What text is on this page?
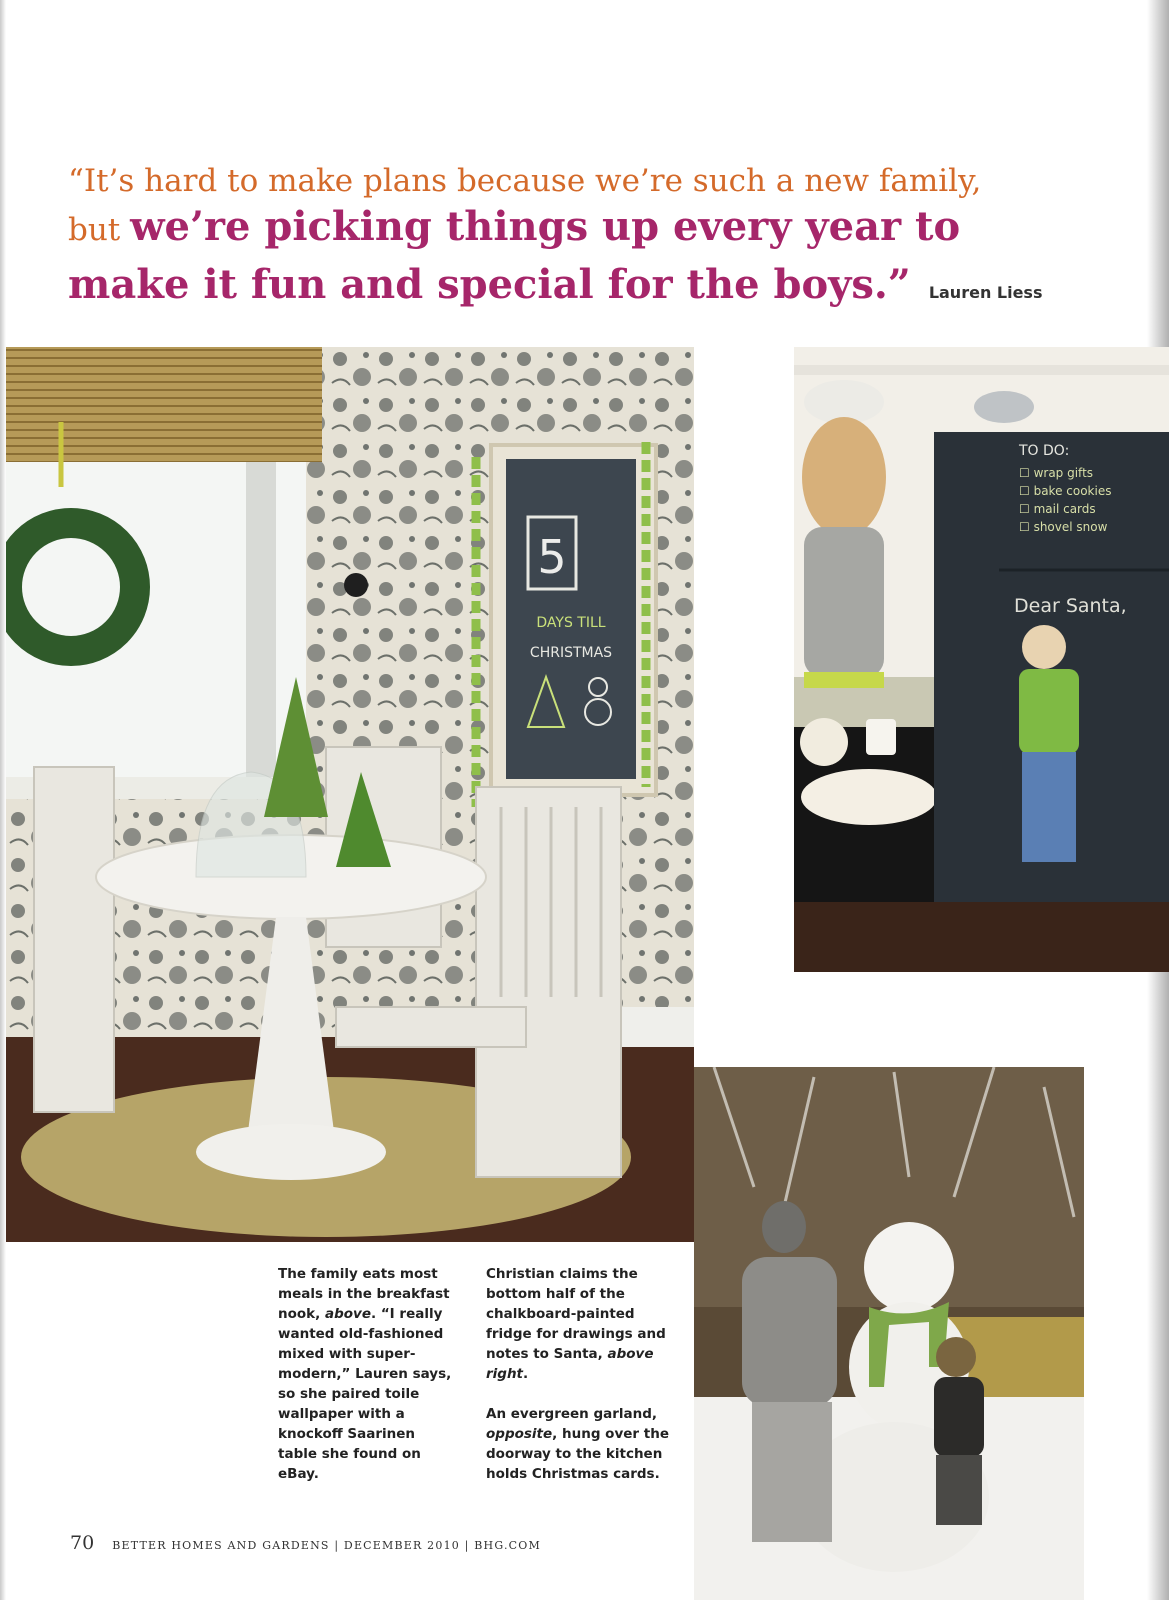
“It’s hard to make plans because we’re such a new family,
but we’re picking things up every year to
make it fun and special for the boys.” Lauren Liess
5
DAYS TILL
CHRISTMAS
TO DO:
☐ wrap gifts
☐ bake cookies
☐ mail cards
☐ shovel snow
Dear Santa,

The family eats most meals in the breakfast nook, above. “I really wanted old-fashioned mixed with super-modern,” Lauren says, so she paired toile wallpaper with a knockoff Saarinen table she found on eBay.

Christian claims the bottom half of the chalkboard-painted fridge for drawings and notes to Santa, above right.

An evergreen garland, opposite, hung over the doorway to the kitchen holds Christmas cards.

70 BETTER HOMES AND GARDENS | DECEMBER 2010 | BHG.COM
